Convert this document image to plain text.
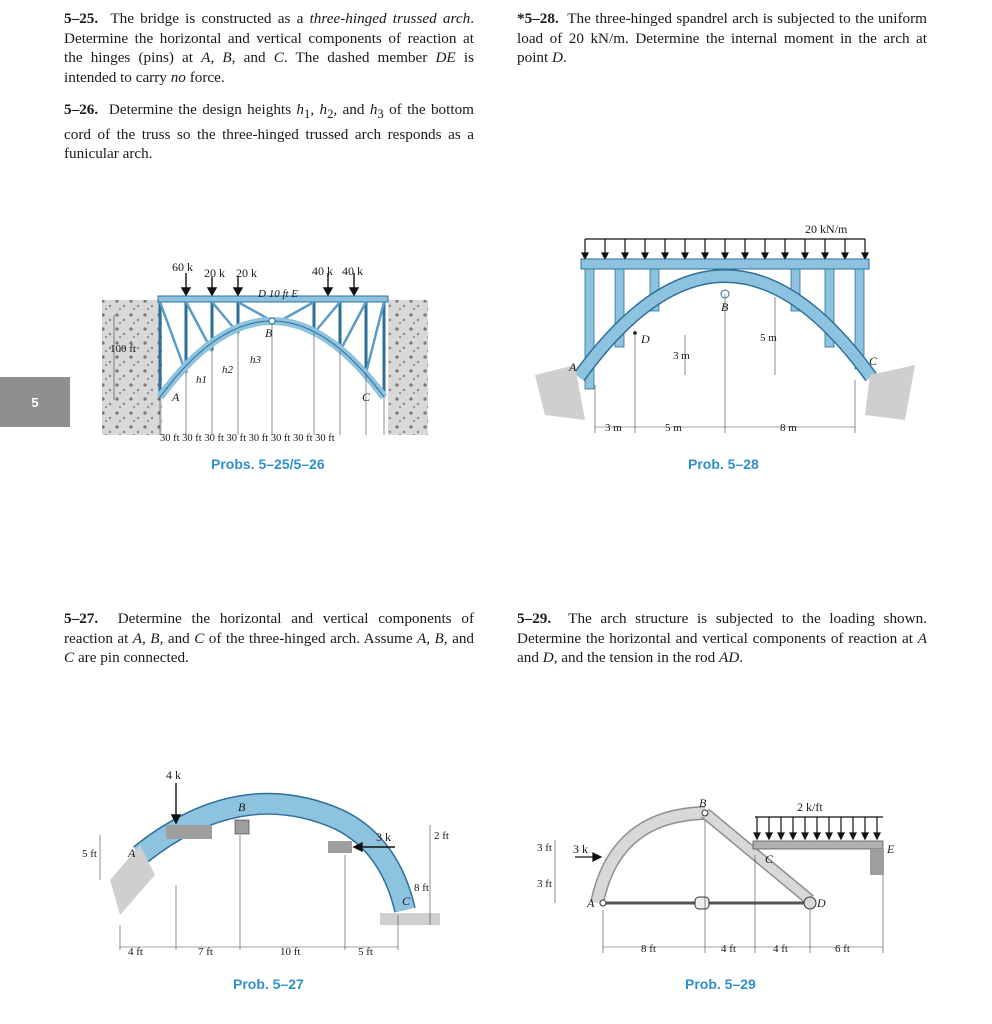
5
5–25. The bridge is constructed as a three-hinged trussed arch. Determine the horizontal and vertical components of reaction at the hinges (pins) at A, B, and C. The dashed member DE is intended to carry no force.
5–26. Determine the design heights $h_1$, $h_2$, and $h_3$ of the bottom cord of the truss so the three-hinged trussed arch responds as a funicular arch.
*5–28. The three-hinged spandrel arch is subjected to the uniform load of 20 kN/m. Determine the internal moment in the arch at point D.
5–27. Determine the horizontal and vertical components of reaction at A, B, and C of the three-hinged arch. Assume A, B, and C are pin connected.
5–29. The arch structure is subjected to the loading shown. Determine the horizontal and vertical components of reaction at A and D, and the tension in the rod AD.
60 k 20 k 20 k	40 k 40 k
D 10 ft E
100 ft
A
B
C
h1
h2
h3
30 ft 30 ft 30 ft 30 ft 30 ft 30 ft 30 ft 30 ft
Probs. 5–25/5–26
20 kN/m
A
B
C
D	5 m
3 m
3 m	5 m	8 m
Prob. 5–28
4 k
3 k
A
B
C
5 ft
2 ft
8 ft
4 ft	7 ft	10 ft	5 ft
Prob. 5–27
2 k/ft
3 k
A
B
C
D
E
3 ft
3 ft
8 ft	4 ft	4 ft	6 ft
Prob. 5–29
